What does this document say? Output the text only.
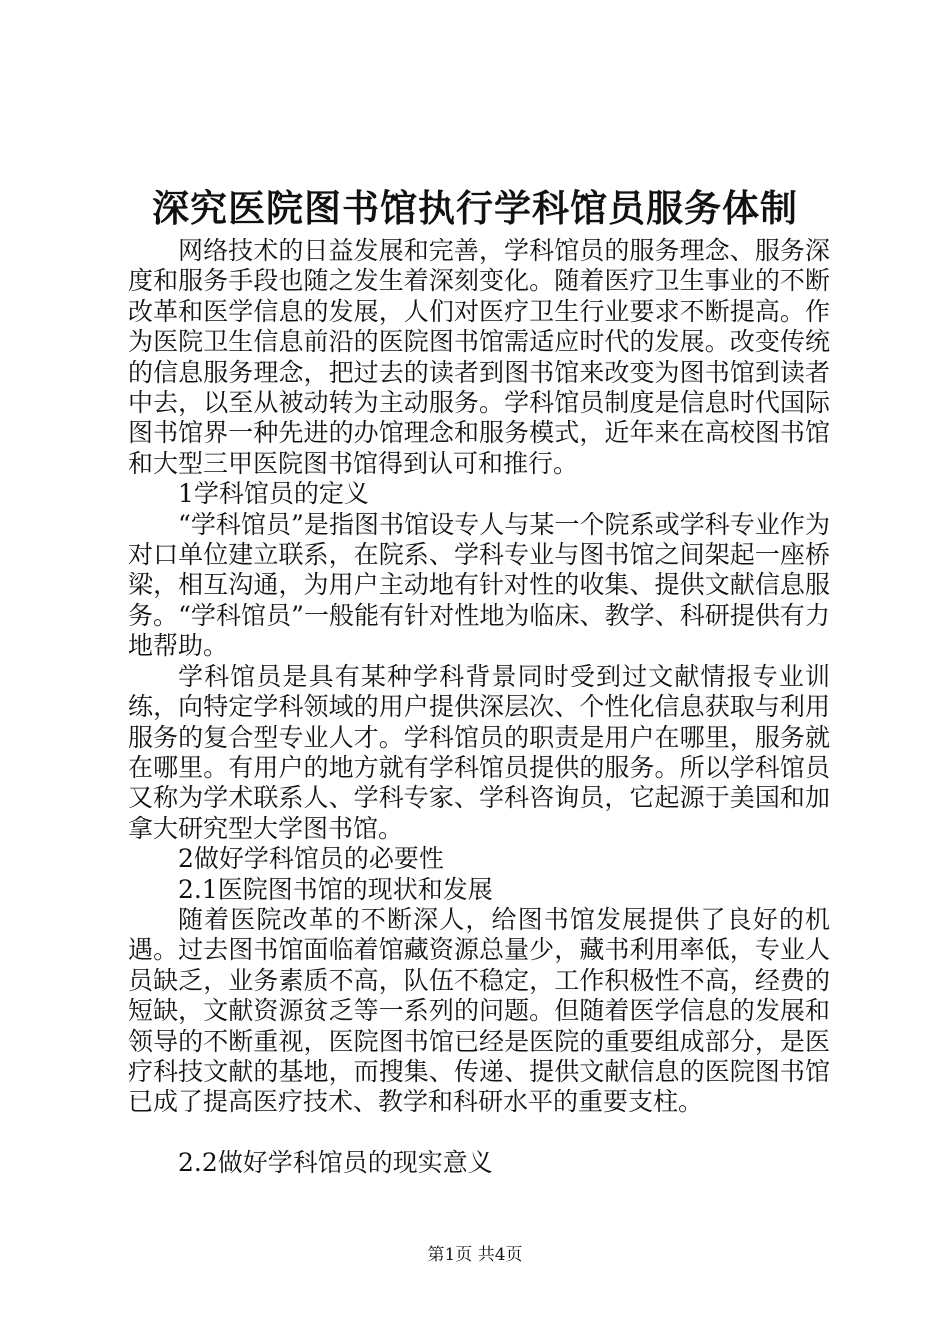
深究医院图书馆执行学科馆员服务体制

网络技术的日益发展和完善，学科馆员的服务理念、服务深度和服务手段也随之发生着深刻变化。随着医疗卫生事业的不断改革和医学信息的发展，人们对医疗卫生行业要求不断提高。作为医院卫生信息前沿的医院图书馆需适应时代的发展。改变传统的信息服务理念，把过去的读者到图书馆来改变为图书馆到读者中去，以至从被动转为主动服务。学科馆员制度是信息时代国际图书馆界一种先进的办馆理念和服务模式，近年来在高校图书馆和大型三甲医院图书馆得到认可和推行。

1学科馆员的定义

“学科馆员”是指图书馆设专人与某一个院系或学科专业作为对口单位建立联系，在院系、学科专业与图书馆之间架起一座桥梁，相互沟通，为用户主动地有针对性的收集、提供文献信息服务。“学科馆员”一般能有针对性地为临床、教学、科研提供有力地帮助。

学科馆员是具有某种学科背景同时受到过文献情报专业训练，向特定学科领域的用户提供深层次、个性化信息获取与利用服务的复合型专业人才。学科馆员的职责是用户在哪里，服务就在哪里。有用户的地方就有学科馆员提供的服务。所以学科馆员又称为学术联系人、学科专家、学科咨询员，它起源于美国和加拿大研究型大学图书馆。

2做好学科馆员的必要性

2.1医院图书馆的现状和发展

随着医院改革的不断深人，给图书馆发展提供了良好的机遇。过去图书馆面临着馆藏资源总量少，藏书利用率低，专业人员缺乏，业务素质不高，队伍不稳定，工作积极性不高，经费的短缺，文献资源贫乏等一系列的问题。但随着医学信息的发展和领导的不断重视，医院图书馆已经是医院的重要组成部分，是医疗科技文献的基地，而搜集、传递、提供文献信息的医院图书馆已成了提高医疗技术、教学和科研水平的重要支柱。

2.2做好学科馆员的现实意义

第1页 共4页
